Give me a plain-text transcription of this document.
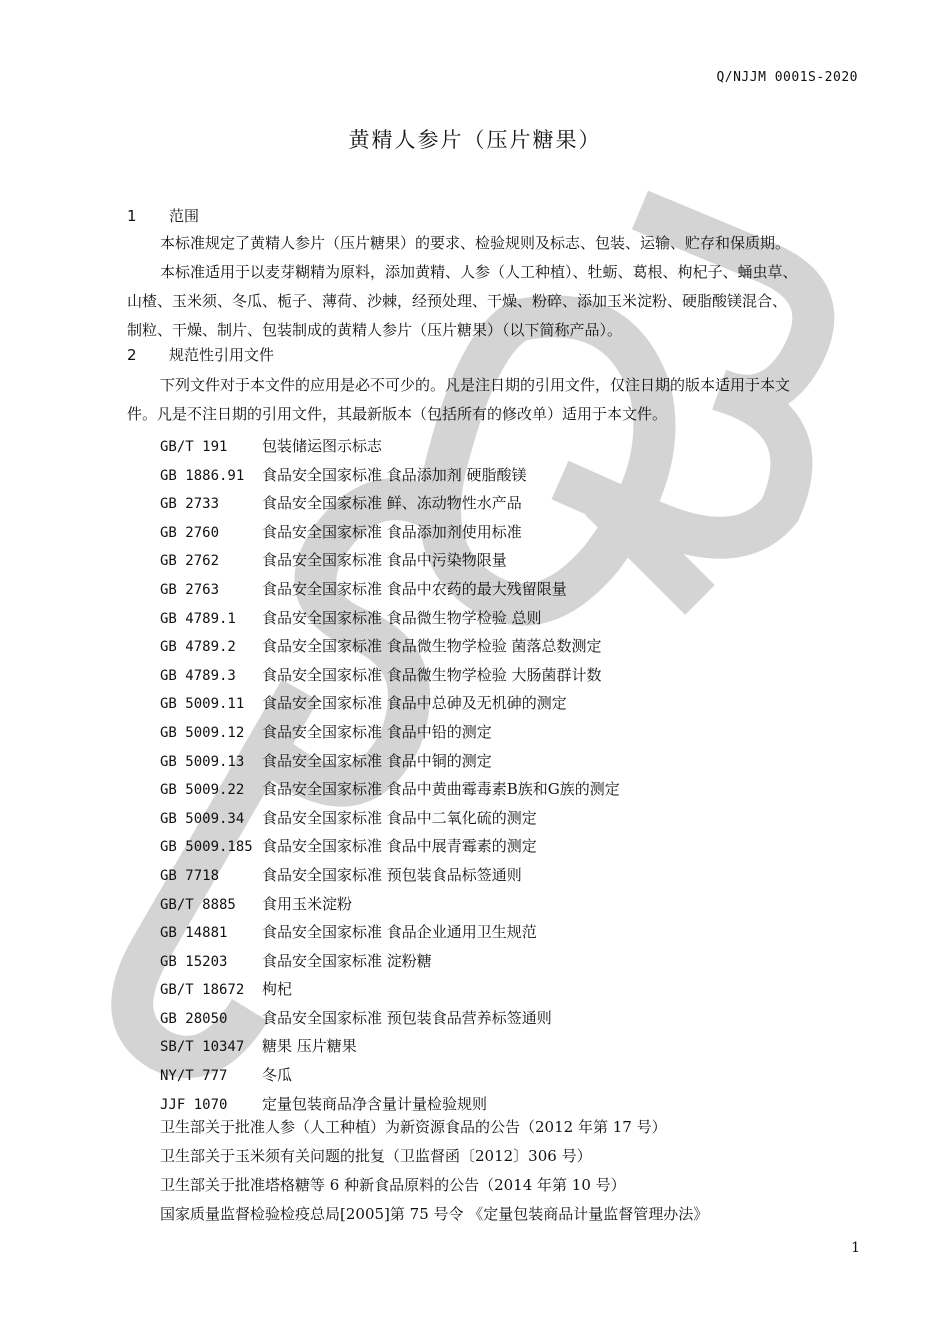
Q/NJJM 0001S-2020
黄精人参片（压片糖果）
1 范围
本标准规定了黄精人参片（压片糖果）的要求、检验规则及标志、包装、运输、贮存和保质期。
本标准适用于以麦芽糊精为原料，添加黄精、人参（人工种植）、牡蛎、葛根、枸杞子、蛹虫草、
山楂、玉米须、冬瓜、栀子、薄荷、沙棘，经预处理、干燥、粉碎、添加玉米淀粉、硬脂酸镁混合、
制粒、干燥、制片、包装制成的黄精人参片（压片糖果）（以下简称产品）。
2 规范性引用文件
下列文件对于本文件的应用是必不可少的。凡是注日期的引用文件，仅注日期的版本适用于本文
件。凡是不注日期的引用文件，其最新版本（包括所有的修改单）适用于本文件。
GB/T 191 包装储运图示标志
GB 1886.91 食品安全国家标准 食品添加剂 硬脂酸镁
GB 2733	食品安全国家标准 鲜、冻动物性水产品
GB 2760	食品安全国家标准 食品添加剂使用标准
GB 2762	食品安全国家标准 食品中污染物限量
GB 2763	食品安全国家标准 食品中农药的最大残留限量
GB 4789.1 食品安全国家标准 食品微生物学检验 总则
GB 4789.2 食品安全国家标准 食品微生物学检验 菌落总数测定
GB 4789.3 食品安全国家标准 食品微生物学检验 大肠菌群计数
GB 5009.11 食品安全国家标准 食品中总砷及无机砷的测定
GB 5009.12 食品安全国家标准 食品中铅的测定
GB 5009.13 食品安全国家标准 食品中铜的测定
GB 5009.22 食品安全国家标准 食品中黄曲霉毒素B族和G族的测定
GB 5009.34 食品安全国家标准 食品中二氧化硫的测定
GB 5009.185 食品安全国家标准 食品中展青霉素的测定
GB 7718	食品安全国家标准 预包装食品标签通则
GB/T 8885 食用玉米淀粉
GB 14881 食品安全国家标准 食品企业通用卫生规范
GB 15203 食品安全国家标准 淀粉糖
GB/T 18672 枸杞
GB 28050 食品安全国家标准 预包装食品营养标签通则
SB/T 10347 糖果 压片糖果
NY/T 777 冬瓜
JJF 1070 定量包装商品净含量计量检验规则
卫生部关于批准人参（人工种植）为新资源食品的公告（2012 年第 17 号）
卫生部关于玉米须有关问题的批复（卫监督函〔2012〕306 号）
卫生部关于批准塔格糖等 6 种新食品原料的公告（2014 年第 10 号）
国家质量监督检验检疫总局[2005]第 75 号令 《定量包装商品计量监督管理办法》
1
